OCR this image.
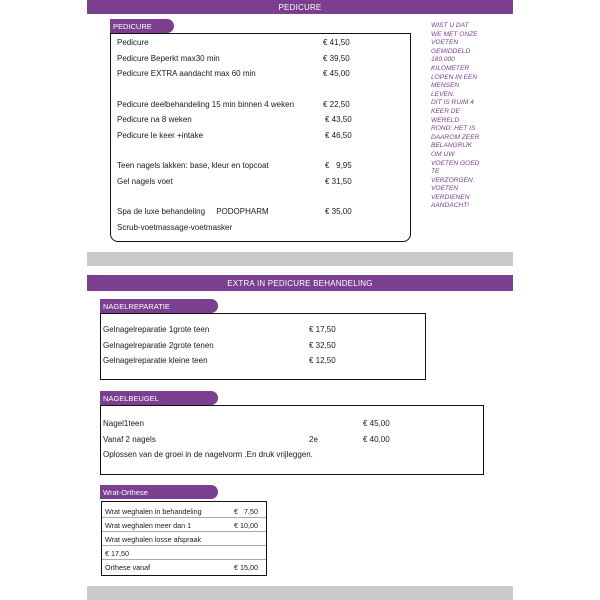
PEDICURE
PEDICURE
Pedicure	€ 41,50
Pedicure Beperkt max30 min	€ 39,50
Pedicure EXTRA aandacht max 60 min	€ 45,00
Pedicure deelbehandeling 15 min binnen 4 weken	€ 22,50
Pedicure na 8 weken	€ 43,50
Pedicure le keer +intake	€ 46,50
Teen nagels lakken: base, kleur en topcoat	€   9,95
Gel nagels voet	€ 31,50
Spa de luxe behandeling     PODOPHARM	€ 35,00
Scrub-voetmassage-voetmasker
WIST U DAT
WE MET ONZE
VOETEN
GEMIDDELD
180.000
KILOMETER
LOPEN IN EEN
MENSEN
LEVEN.
DIT IS RUIM 4
KEER DE
WERELD
ROND: HET IS
DAAROM ZEER
BELANGRIJK
OM UW
VOETEN GOED
TE
VERZORGEN.
VOETEN
VERDIENEN
AANDACHT!
EXTRA IN PEDICURE BEHANDELING
NAGELREPARATIE
Gelnagelreparatie 1grote teen	€ 17,50
Gelnagelreparatie 2grote tenen	€ 32,50
Gelnagelreparatie kleine teen	€ 12,50
NAGELBEUGEL
Nagel1teen	€ 45,00
Vanaf 2 nagels	2e	€ 40,00
Oplossen van de groei in de nagelvorm .En druk vrijleggen.
Wrat-Orthese
Wrat weghalen in behandeling	€   7,50
Wrat weghalen meer dan 1	€ 10,00
Wrat weghalen losse afspraak
€ 17,50
Orthese vanaf	€ 15,00
